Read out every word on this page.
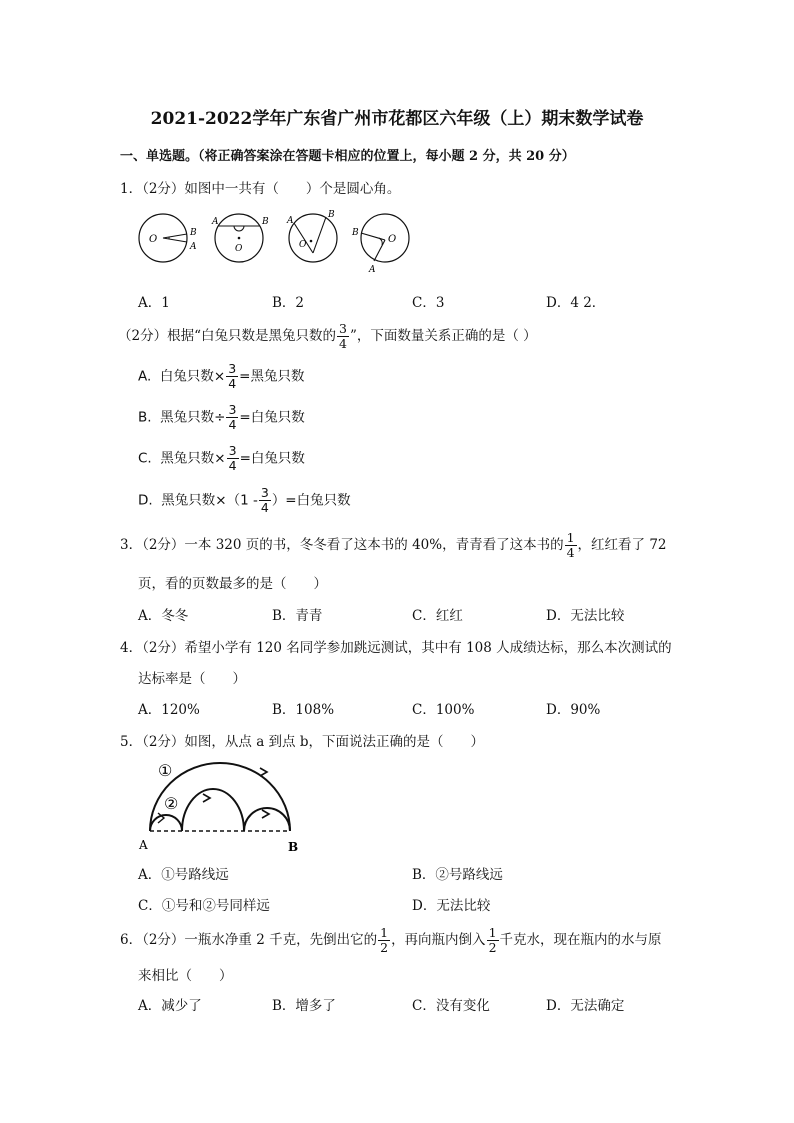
2021-2022学年广东省广州市花都区六年级（上）期末数学试卷
一、单选题。（将正确答案涂在答题卡相应的位置上，每小题 2 分，共 20 分）
1．（2分）如图中一共有（　　）个是圆心角。
O
B
A
A	B
O
A
B
O
B
O
A
A．1	B．2	C．3	D．4 2．
（2分）根据“白兔只数是黑兔只数的 $\frac{3}{4}$ ”，下面数量关系正确的是（ ）
A. 白兔只数× $\frac{3}{4}$ =黑兔只数
B. 黑兔只数÷ $\frac{3}{4}$ =白兔只数
C. 黑兔只数× $\frac{3}{4}$ =白兔只数
D. 黑兔只数$\times(1 - \frac{3}{4}$ ）=白兔只数
3．（2分）一本 320 页的书，冬冬看了这本书的 40%，青青看了这本书的 $\frac{1}{4}$ ，红红看了 72
页，看的页数最多的是（　　）
A．冬冬	B．青青	C．红红	D．无法比较
4．（2分）希望小学有 120 名同学参加跳远测试，其中有 108 人成绩达标，那么本次测试的
达标率是（　　）
A．120%	B．108%	C．100%	D．90%
5．（2分）如图，从点 a 到点 b，下面说法正确的是（　　）
①
②
A	B
A．①号路线远	B．②号路线远
C．①号和②号同样远	D．无法比较
6．（2分）一瓶水净重 2 千克，先倒出它的 $\frac{1}{2}$ ，再向瓶内倒入 $\frac{1}{2}$ 千克水，现在瓶内的水与原
来相比（　　）
A．减少了	B．增多了	C．没有变化	D．无法确定
